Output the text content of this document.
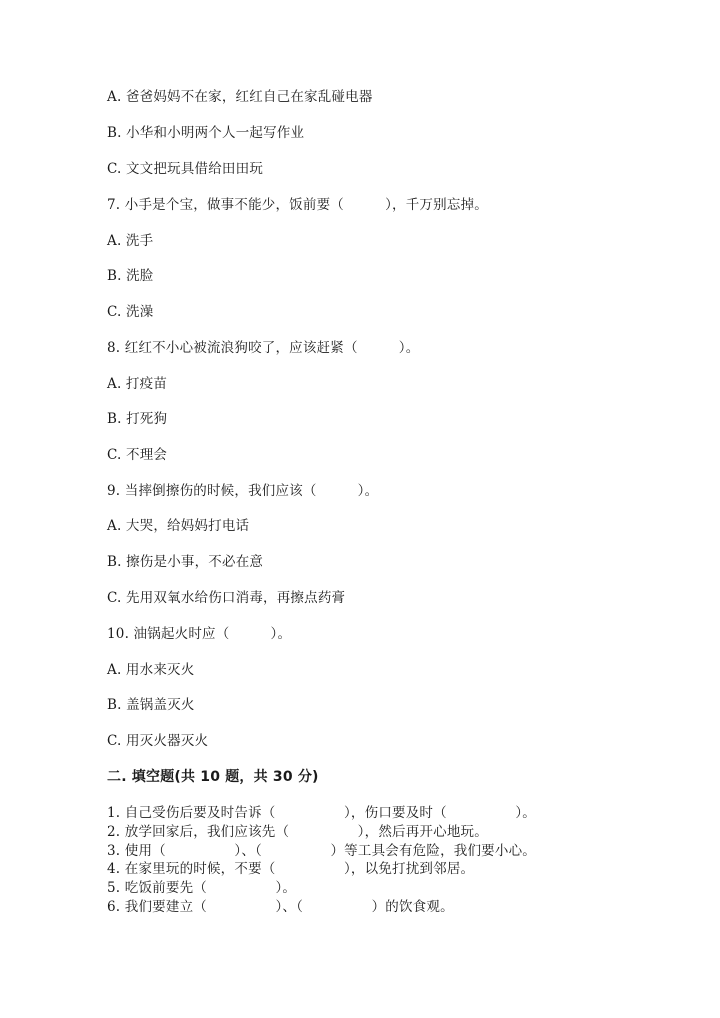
A. 爸爸妈妈不在家，红红自己在家乱碰电器
B. 小华和小明两个人一起写作业
C. 文文把玩具借给田田玩
7. 小手是个宝，做事不能少，饭前要（　　　），千万别忘掉。
A. 洗手
B. 洗脸
C. 洗澡
8. 红红不小心被流浪狗咬了，应该赶紧（　　　）。
A. 打疫苗
B. 打死狗
C. 不理会
9. 当摔倒擦伤的时候，我们应该（　　　）。
A. 大哭，给妈妈打电话
B. 擦伤是小事，不必在意
C. 先用双氧水给伤口消毒，再擦点药膏
10. 油锅起火时应（　　　）。
A. 用水来灭火
B. 盖锅盖灭火
C. 用灭火器灭火
二. 填空题(共 10 题，共 30 分)
1. 自己受伤后要及时告诉（　　　　　），伤口要及时（　　　　　）。
2. 放学回家后，我们应该先（　　　　　），然后再开心地玩。
3. 使用（　　　　　）、（　　　　　）等工具会有危险，我们要小心。
4. 在家里玩的时候，不要（　　　　　），以免打扰到邻居。
5. 吃饭前要先（　　　　　）。
6. 我们要建立（　　　　　）、（　　　　　）的饮食观。
